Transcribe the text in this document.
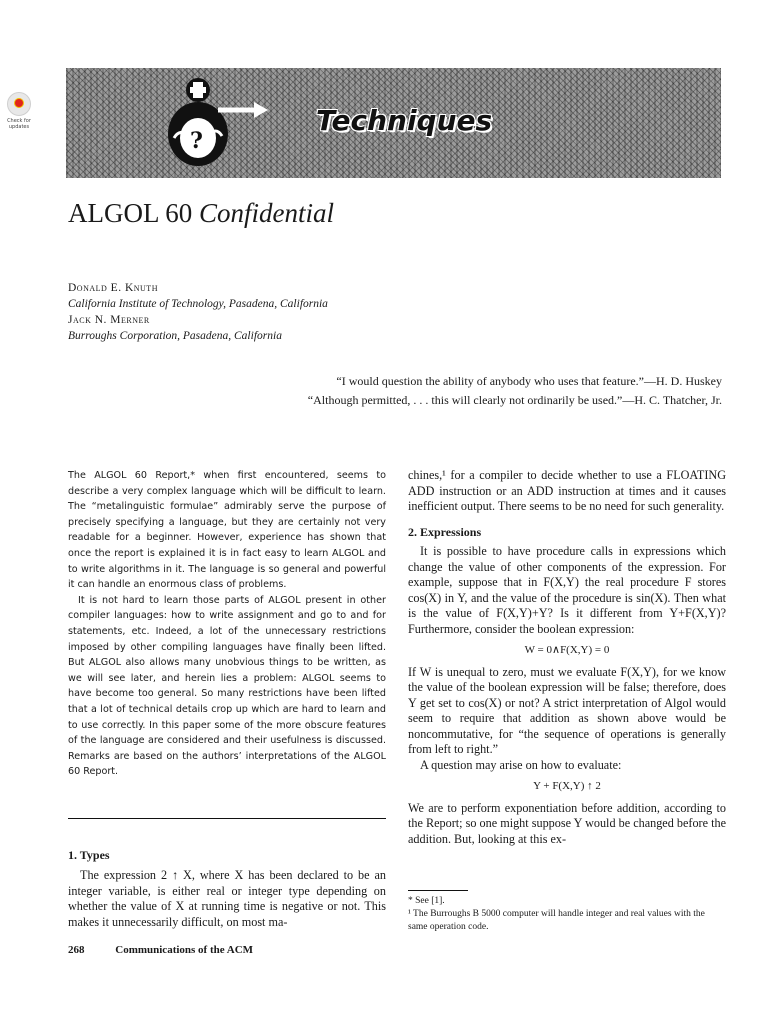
Check for updates
?
Techniques
ALGOL 60 Confidential
Donald E. Knuth
California Institute of Technology, Pasadena, California
Jack N. Merner
Burroughs Corporation, Pasadena, California
“I would question the ability of anybody who uses that feature.”—H. D. Huskey
“Although permitted, . . . this will clearly not ordinarily be used.”—H. C. Thatcher, Jr.

The ALGOL 60 Report,* when first encountered, seems to describe a very complex language which will be difficult to learn. The “metalinguistic formulae” admirably serve the purpose of precisely specifying a language, but they are certainly not very readable for a beginner. However, experience has shown that once the report is explained it is in fact easy to learn ALGOL and to write algorithms in it. The language is so general and powerful it can handle an enormous class of problems.

It is not hard to learn those parts of ALGOL present in other compiler languages: how to write assignment and go to and for statements, etc. Indeed, a lot of the unnecessary restrictions imposed by other compiling languages have finally been lifted. But ALGOL also allows many unobvious things to be written, as we will see later, and herein lies a problem: ALGOL seems to have become too general. So many restrictions have been lifted that a lot of technical details crop up which are hard to learn and to use correctly. In this paper some of the more obscure features of the language are considered and their usefulness is discussed. Remarks are based on the authors’ interpretations of the ALGOL 60 Report.

1. Types

The expression 2 ↑ X, where X has been declared to be an integer variable, is either real or integer type depending on whether the value of X at running time is negative or not. This makes it unnecessarily difficult, on most ma-

chines,¹ for a compiler to decide whether to use a FLOATING ADD instruction or an ADD instruction at times and it causes inefficient output. There seems to be no need for such generality.

2. Expressions

It is possible to have procedure calls in expressions which change the value of other components of the expression. For example, suppose that in F(X,Y) the real procedure F stores cos(X) in Y, and the value of the procedure is sin(X). Then what is the value of F(X,Y)+Y? Is it different from Y+F(X,Y)? Furthermore, consider the boolean expression:

W = 0∧F(X,Y) = 0

If W is unequal to zero, must we evaluate F(X,Y), for we know the value of the boolean expression will be false; therefore, does Y get set to cos(X) or not? A strict interpretation of Algol would seem to require that addition as shown above would be noncommutative, for “the sequence of operations is generally from left to right.”

A question may arise on how to evaluate:

Y + F(X,Y) ↑ 2

We are to perform exponentiation before addition, according to the Report; so one might suppose Y would be changed before the addition. But, looking at this ex-

* See [1].
¹ The Burroughs B 5000 computer will handle integer and real values with the same operation code.
268	Communications of the ACM
